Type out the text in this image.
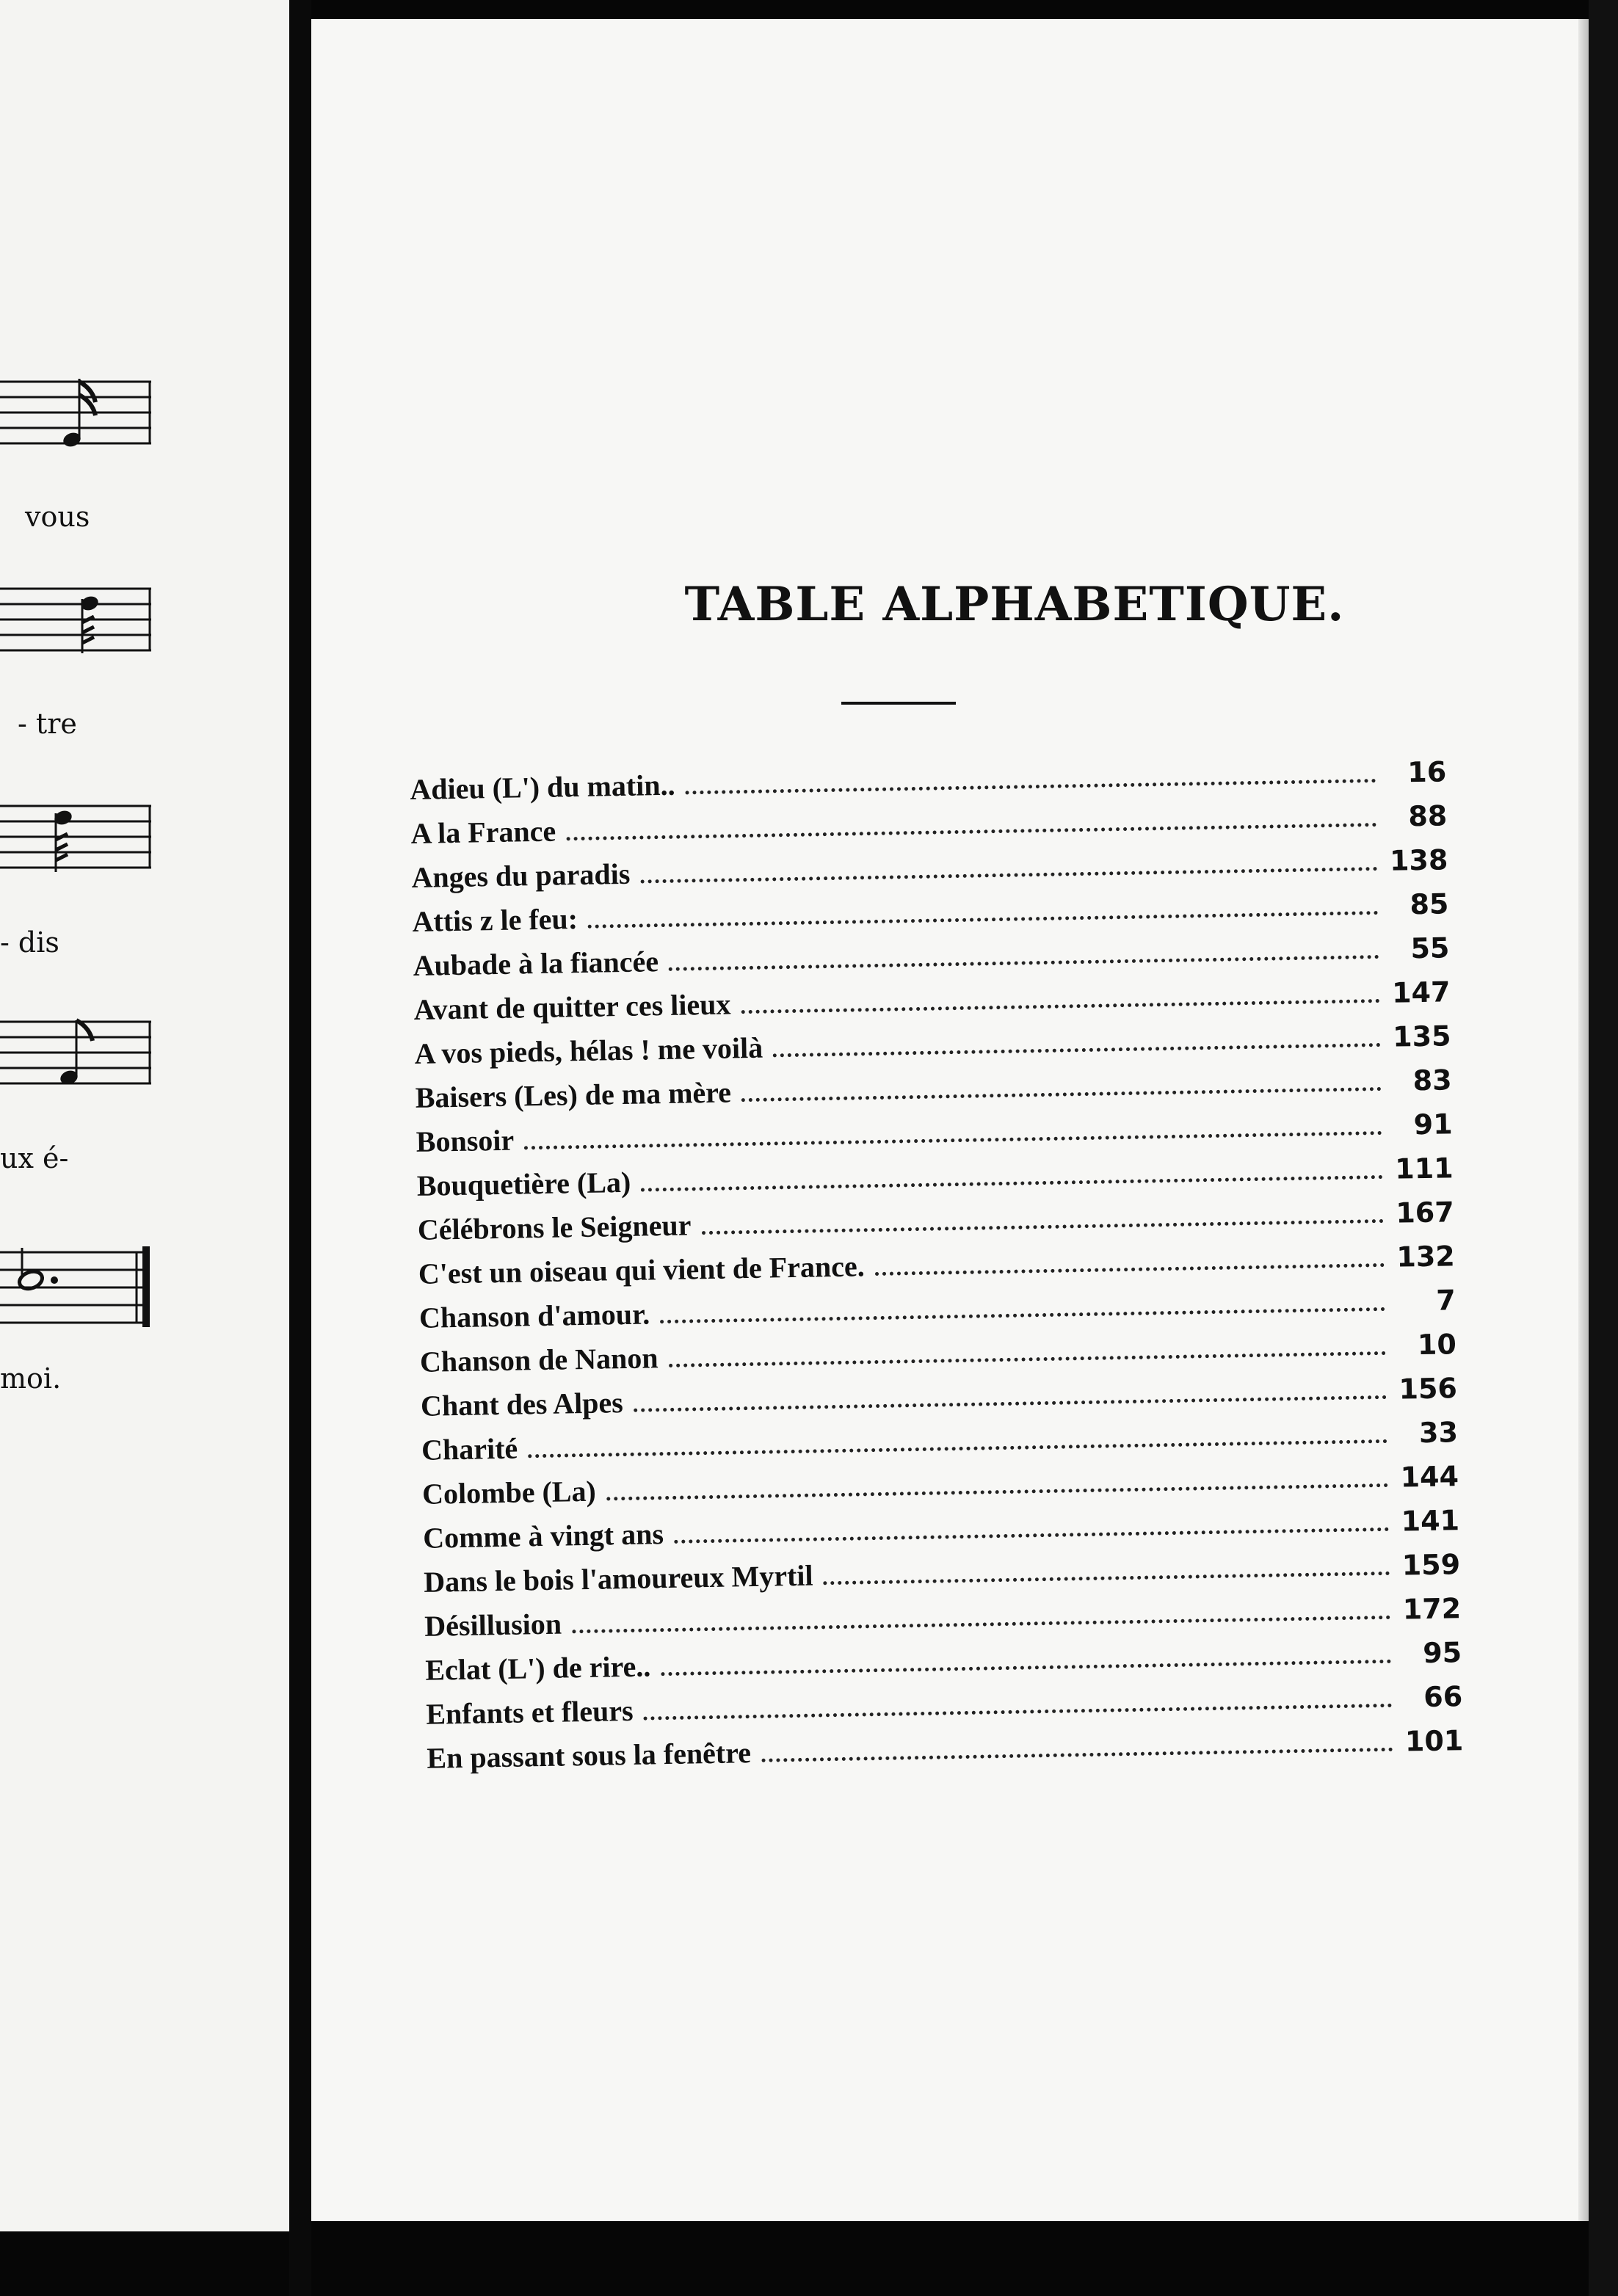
vous
- tre
- dis
ux é-
moi.
TABLE ALPHABETIQUE.
Adieu (L') du matin..	16
A la France	88
Anges du paradis	138
Attis z le feu:	85
Aubade à la fiancée	55
Avant de quitter ces lieux	147
A vos pieds, hélas ! me voilà	135
Baisers (Les) de ma mère	83
Bonsoir	91
Bouquetière (La)	111
Célébrons le Seigneur	167
C'est un oiseau qui vient de France.	132
Chanson d'amour.	7
Chanson de Nanon	10
Chant des Alpes	156
Charité	33
Colombe (La)	144
Comme à vingt ans	141
Dans le bois l'amoureux Myrtil	159
Désillusion	172
Eclat (L') de rire..	95
Enfants et fleurs	66
En passant sous la fenêtre	101
